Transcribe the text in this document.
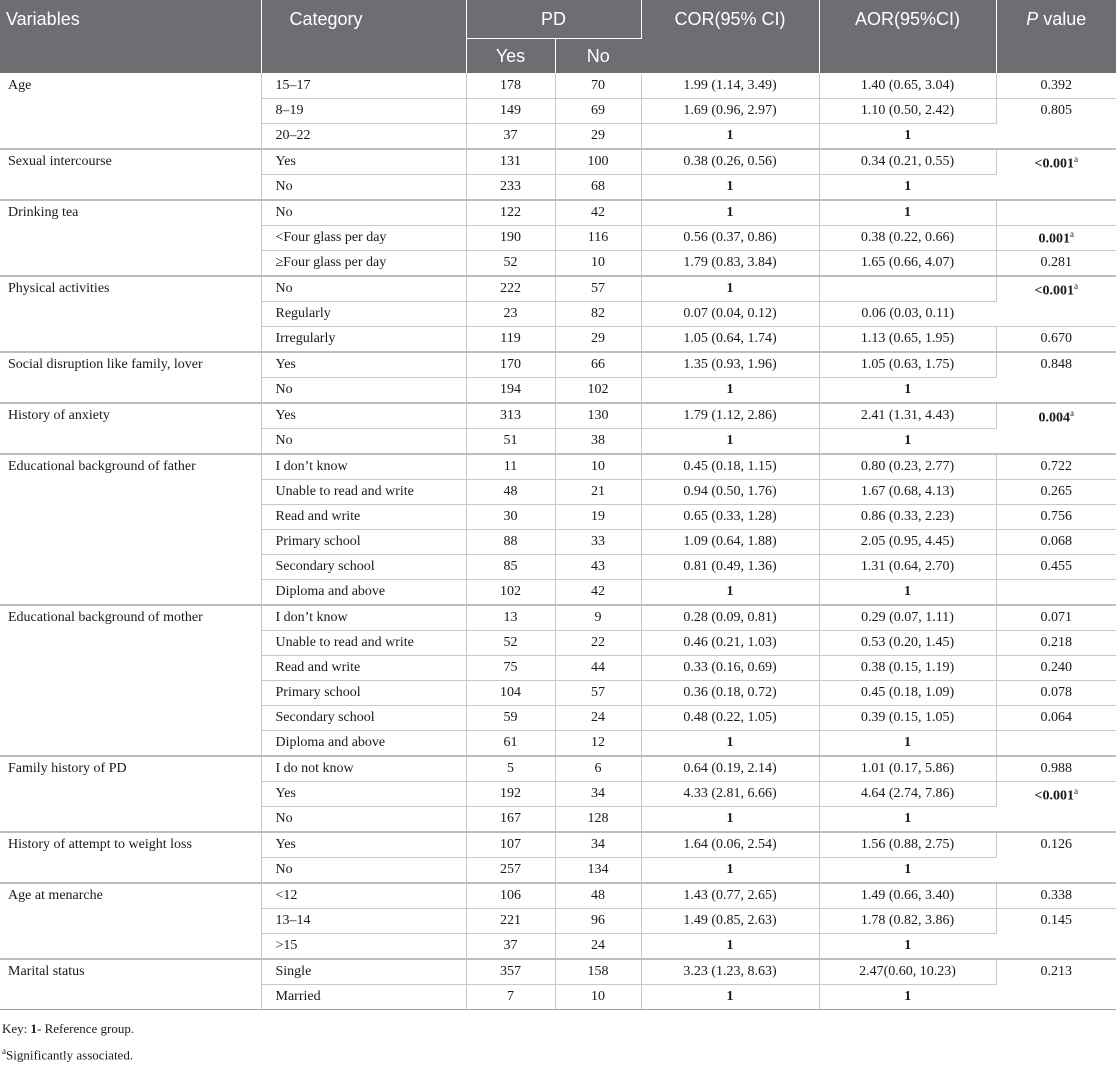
Variables	Category	PD		COR(95% CI)	AOR(95%CI)	P value
		Yes	No			
Age	15–17	178	70	1.99 (1.14, 3.49)	1.40 (0.65, 3.04)	0.392
	8–19	149	69	1.69 (0.96, 2.97)	1.10 (0.50, 2.42)	0.805
	20–22	37	29	1	1	
Sexual intercourse	Yes	131	100	0.38 (0.26, 0.56)	0.34 (0.21, 0.55)	<0.001$^a$
	No	233	68	1	1	
Drinking tea	No	122	42	1	1	
	<Four glass per day	190	116	0.56 (0.37, 0.86)	0.38 (0.22, 0.66)	0.001$^a$
	≥Four glass per day	52	10	1.79 (0.83, 3.84)	1.65 (0.66, 4.07)	0.281
Physical activities	No	222	57	1		<0.001$^a$
	Regularly	23	82	0.07 (0.04, 0.12)	0.06 (0.03, 0.11)	
	Irregularly	119	29	1.05 (0.64, 1.74)	1.13 (0.65, 1.95)	0.670
Social disruption like family, lover	Yes	170	66	1.35 (0.93, 1.96)	1.05 (0.63, 1.75)	0.848
	No	194	102	1	1	
History of anxiety	Yes	313	130	1.79 (1.12, 2.86)	2.41 (1.31, 4.43)	0.004$^a$
	No	51	38	1	1	
Educational background of father	I don’t know	11	10	0.45 (0.18, 1.15)	0.80 (0.23, 2.77)	0.722
	Unable to read and write	48	21	0.94 (0.50, 1.76)	1.67 (0.68, 4.13)	0.265
	Read and write	30	19	0.65 (0.33, 1.28)	0.86 (0.33, 2.23)	0.756
	Primary school	88	33	1.09 (0.64, 1.88)	2.05 (0.95, 4.45)	0.068
	Secondary school	85	43	0.81 (0.49, 1.36)	1.31 (0.64, 2.70)	0.455
	Diploma and above	102	42	1	1	
Educational background of mother	I don’t know	13	9	0.28 (0.09, 0.81)	0.29 (0.07, 1.11)	0.071
	Unable to read and write	52	22	0.46 (0.21, 1.03)	0.53 (0.20, 1.45)	0.218
	Read and write	75	44	0.33 (0.16, 0.69)	0.38 (0.15, 1.19)	0.240
	Primary school	104	57	0.36 (0.18, 0.72)	0.45 (0.18, 1.09)	0.078
	Secondary school	59	24	0.48 (0.22, 1.05)	0.39 (0.15, 1.05)	0.064
	Diploma and above	61	12	1	1	
Family history of PD	I do not know	5	6	0.64 (0.19, 2.14)	1.01 (0.17, 5.86)	0.988
	Yes	192	34	4.33 (2.81, 6.66)	4.64 (2.74, 7.86)	<0.001$^a$
	No	167	128	1	1	
History of attempt to weight loss	Yes	107	34	1.64 (0.06, 2.54)	1.56 (0.88, 2.75)	0.126
	No	257	134	1	1	
Age at menarche	<12	106	48	1.43 (0.77, 2.65)	1.49 (0.66, 3.40)	0.338
	13–14	221	96	1.49 (0.85, 2.63)	1.78 (0.82, 3.86)	0.145
	>15	37	24	1	1	
Marital status	Single	357	158	3.23 (1.23, 8.63)	2.47(0.60, 10.23)	0.213
	Married	7	10	1	1	
Key: 1- Reference group.
$^a$Significantly associated.
